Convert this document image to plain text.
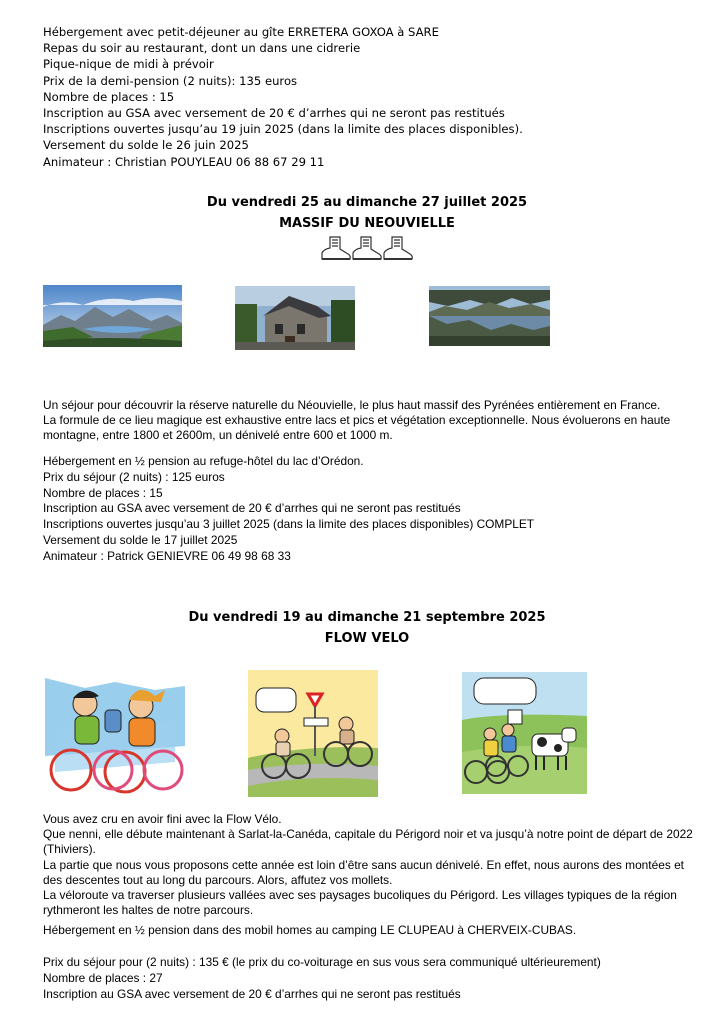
Hébergement avec petit-déjeuner au gîte ERRETERA GOXOA à SARE
Repas du soir au restaurant, dont un dans une cidrerie
Pique-nique de midi à prévoir
Prix de la demi-pension (2 nuits): 135 euros
Nombre de places : 15
Inscription au GSA avec versement de 20 € d’arrhes qui ne seront pas restitués
Inscriptions ouvertes jusqu’au 19 juin 2025 (dans la limite des places disponibles).
Versement du solde le 26 juin 2025
Animateur : Christian POUYLEAU 06 88 67 29 11
Du vendredi 25 au dimanche 27 juillet 2025
MASSIF DU NEOUVIELLE
Un séjour pour découvrir la réserve naturelle du Néouvielle, le plus haut massif des Pyrénées entièrement en France.
La formule de ce lieu magique est exhaustive entre lacs et pics et végétation exceptionnelle. Nous évoluerons en haute montagne, entre 1800 et 2600m, un dénivelé entre 600 et 1000 m.
Hébergement en ½ pension au refuge-hôtel du lac d’Orédon.
Prix du séjour (2 nuits) : 125 euros
Nombre de places : 15
Inscription au GSA avec versement de 20 € d’arrhes qui ne seront pas restitués
Inscriptions ouvertes jusqu’au 3 juillet 2025 (dans la limite des places disponibles) COMPLET
Versement du solde le 17 juillet 2025
Animateur : Patrick GENIEVRE 06 49 98 68 33
Du vendredi 19 au dimanche 21 septembre 2025
FLOW VELO
Vous avez cru en avoir fini avec la Flow Vélo.
Que nenni, elle débute maintenant à Sarlat-la-Canéda, capitale du Périgord noir et va jusqu’à notre point de départ de 2022 (Thiviers).
La partie que nous vous proposons cette année est loin d’être sans aucun dénivelé. En effet, nous aurons des montées et des descentes tout au long du parcours. Alors, affutez vos mollets.
La véloroute va traverser plusieurs vallées avec ses paysages bucoliques du Périgord. Les villages typiques de la région rythmeront les haltes de notre parcours.
Hébergement en ½ pension dans des mobil homes au camping LE CLUPEAU à CHERVEIX-CUBAS.
Prix du séjour pour (2 nuits) : 135 € (le prix du co-voiturage en sus vous sera communiqué ultérieurement)
Nombre de places : 27
Inscription au GSA avec versement de 20 € d’arrhes qui ne seront pas restitués
